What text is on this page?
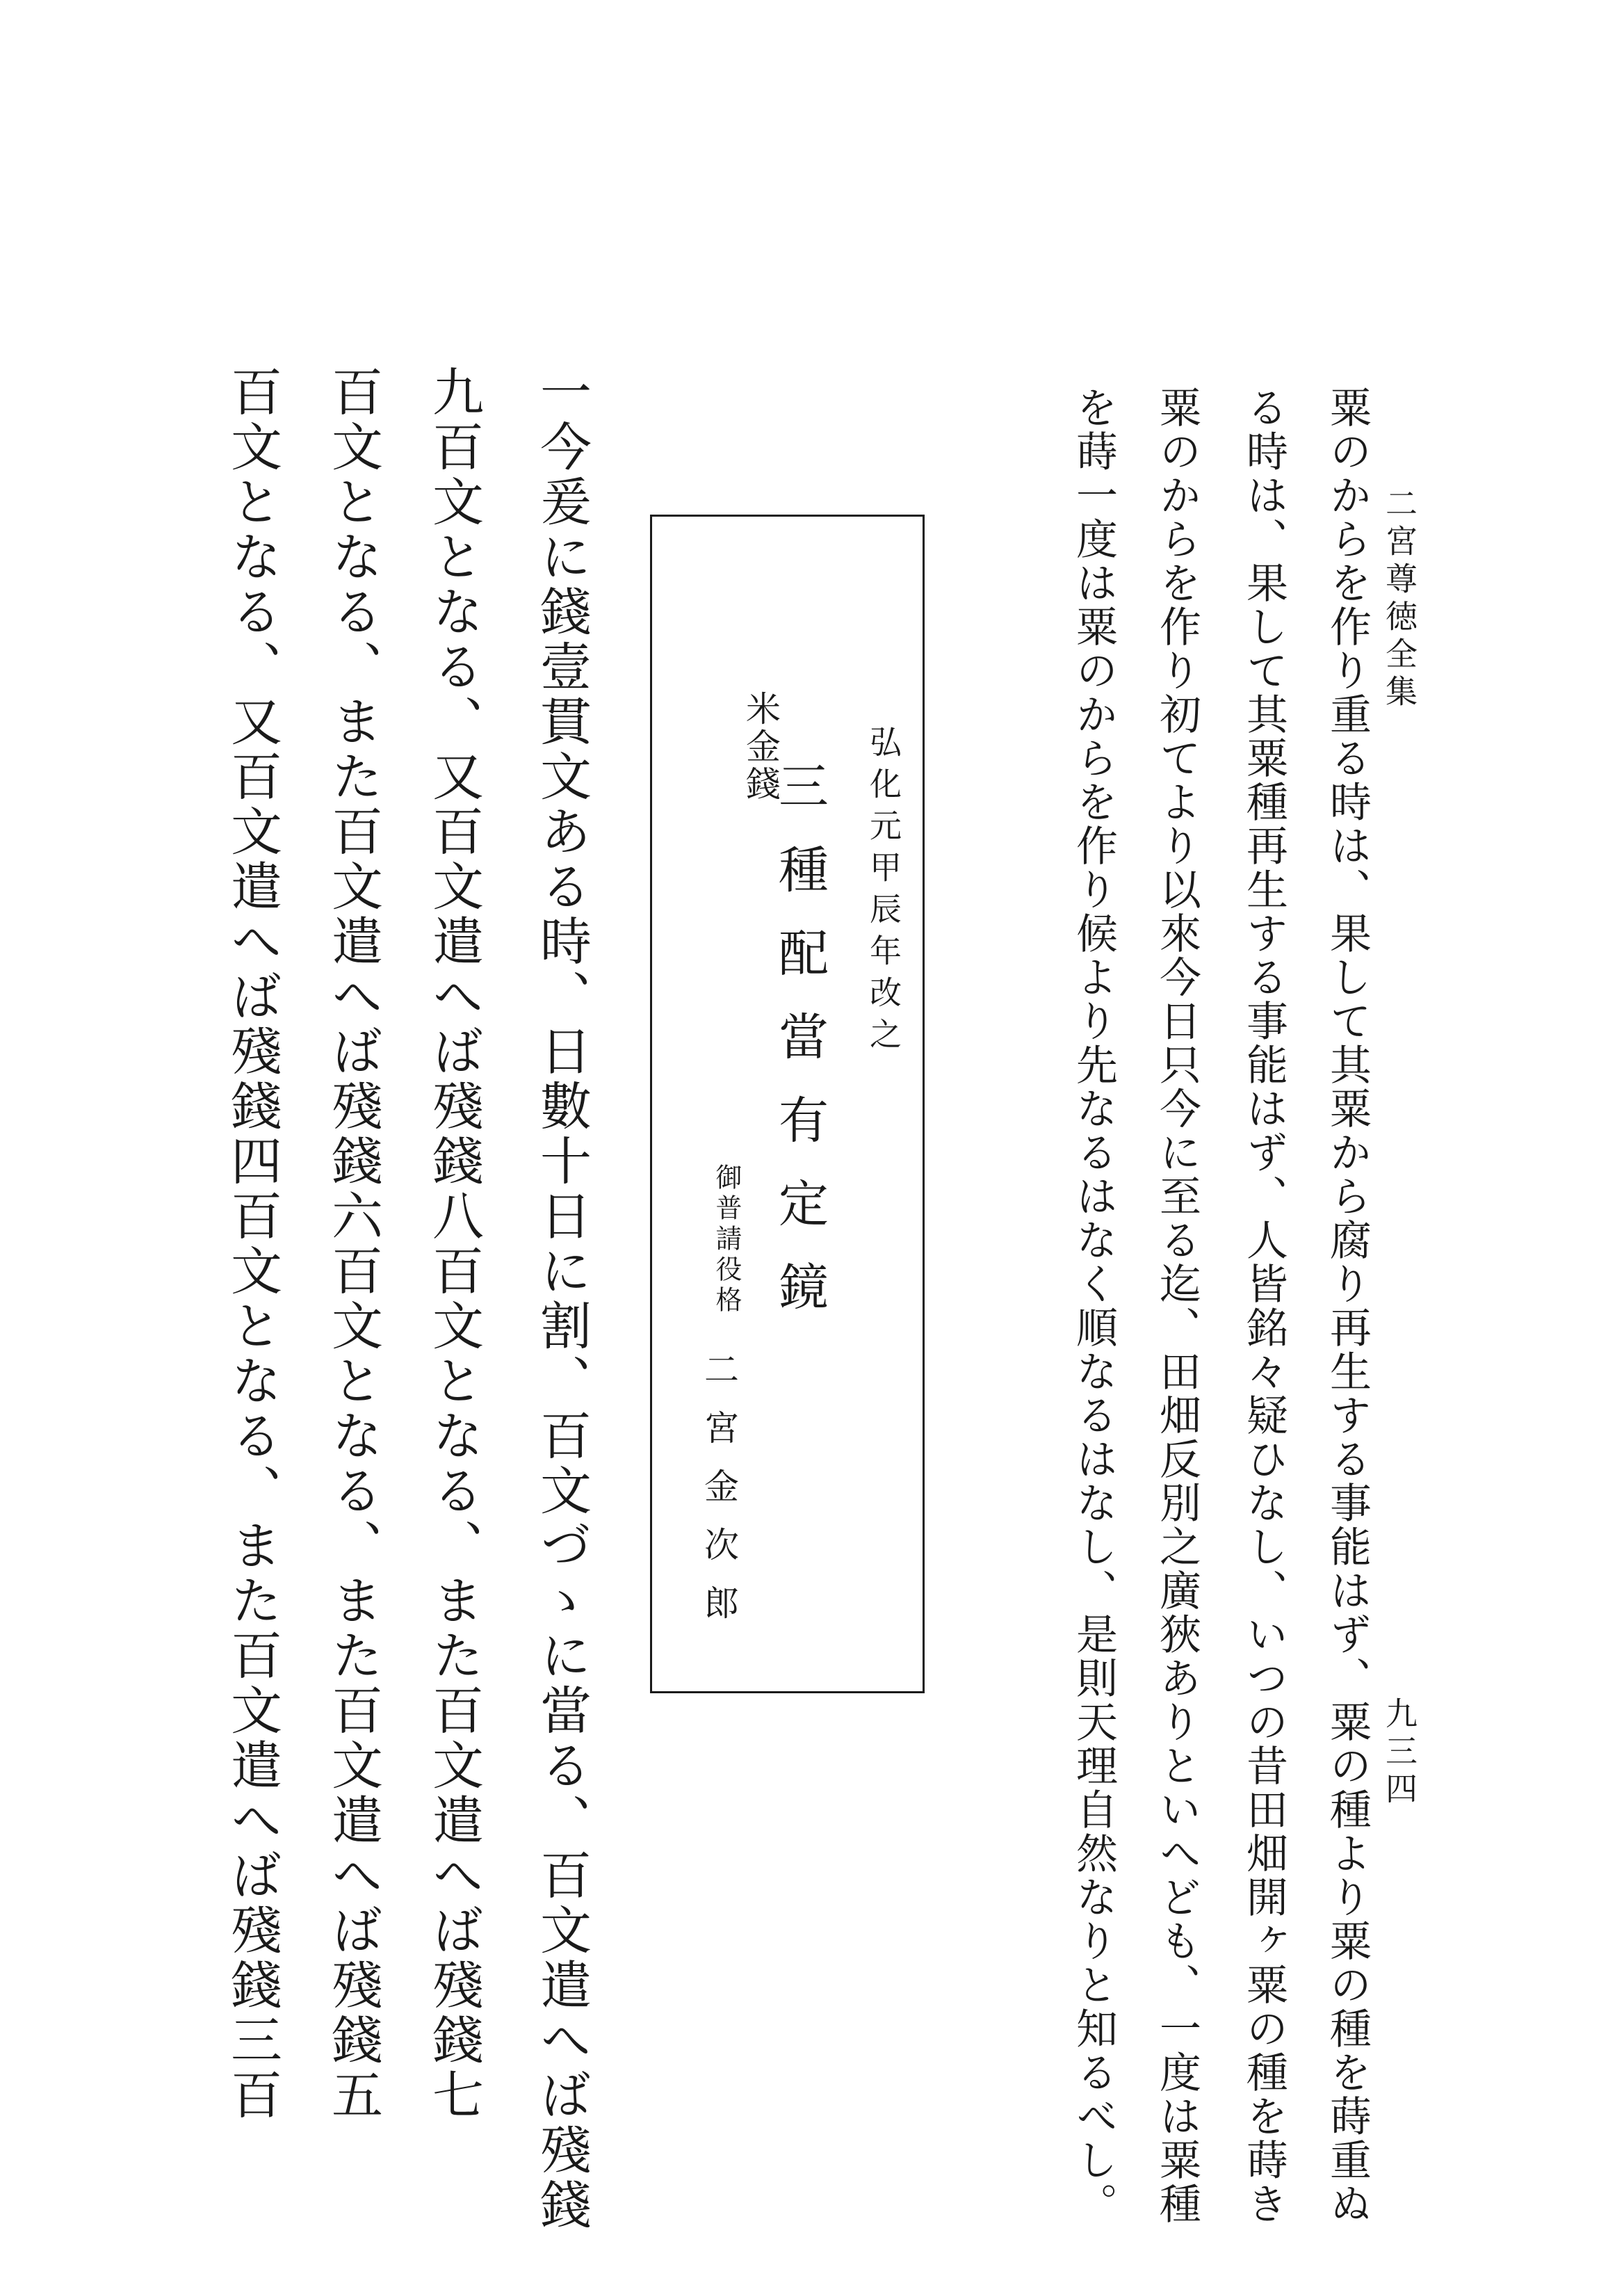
二宮尊徳全集
九三四
粟のからを作り重る時は、果して其粟から腐り再生する事能はず、粟の種より粟の種を蒔重ぬ
る時は、果して其粟種再生する事能はず、人皆銘々疑ひなし、いつの昔田畑開ヶ粟の種を蒔き
粟のからを作り初てより以來今日只今に至る迄、田畑反別之廣狹ありといへども、一度は粟種
を蒔一度は粟のからを作り候より先なるはなく順なるはなし、是則天理自然なりと知るべし。
弘化元甲辰年改之
米金錢
三種配當有定鏡
御普請役格
二宮金次郎
一今爰に錢壹貫文ある時、日數十日に割、百文づゝに當る、百文遣へば殘錢
九百文となる、又百文遣へば殘錢八百文となる、また百文遣へば殘錢七
百文となる、また百文遣へば殘錢六百文となる、また百文遣へば殘錢五
百文となる、又百文遣へば殘錢四百文となる、また百文遣へば殘錢三百
